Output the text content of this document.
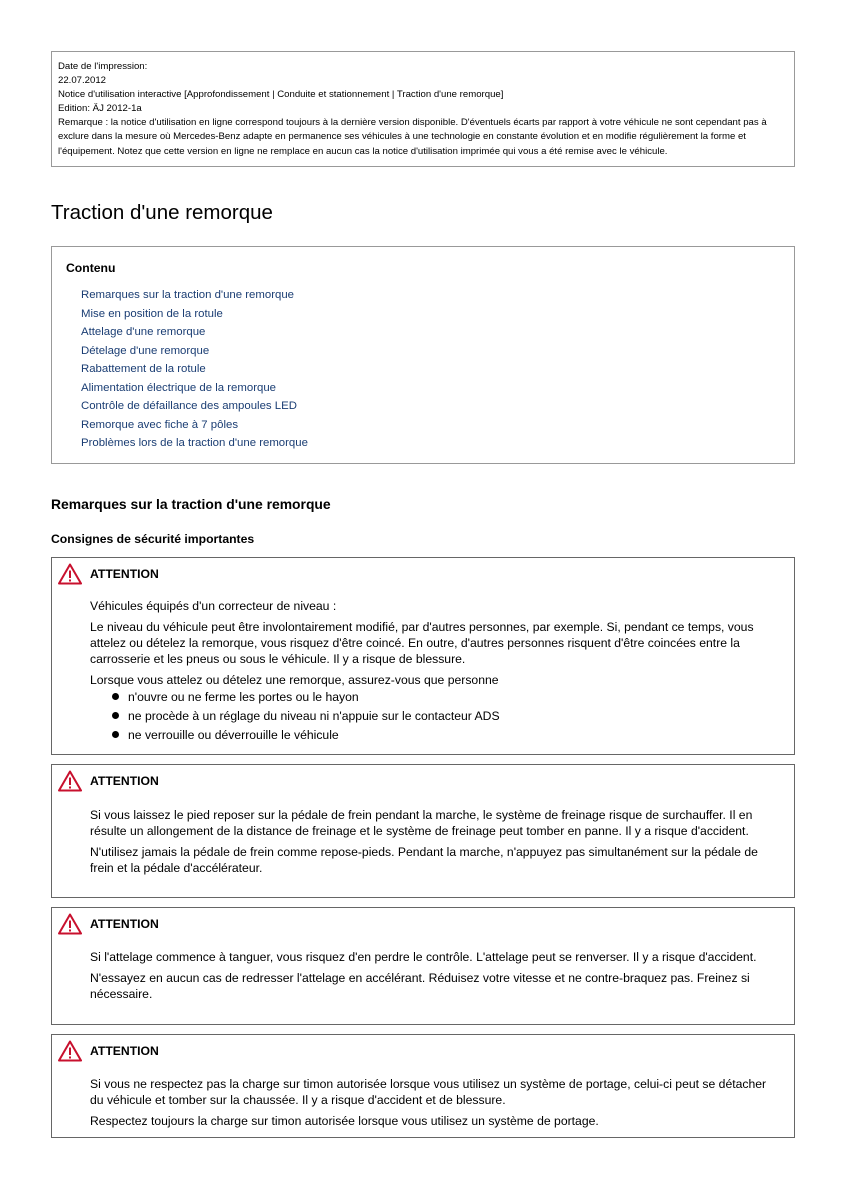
Date de l'impression:
22.07.2012
Notice d'utilisation interactive [Approfondissement | Conduite et stationnement | Traction d'une remorque]
Edition: ÄJ 2012-1a
Remarque : la notice d'utilisation en ligne correspond toujours à la dernière version disponible. D'éventuels écarts par rapport à votre véhicule ne sont cependant pas à exclure dans la mesure où Mercedes-Benz adapte en permanence ses véhicules à une technologie en constante évolution et en modifie régulièrement la forme et l'équipement. Notez que cette version en ligne ne remplace en aucun cas la notice d'utilisation imprimée qui vous a été remise avec le véhicule.
Traction d'une remorque
Contenu
Remarques sur la traction d'une remorque
Mise en position de la rotule
Attelage d'une remorque
Dételage d'une remorque
Rabattement de la rotule
Alimentation électrique de la remorque
Contrôle de défaillance des ampoules LED
Remorque avec fiche à 7 pôles
Problèmes lors de la traction d'une remorque
Remarques sur la traction d'une remorque
Consignes de sécurité importantes
ATTENTION

Véhicules équipés d'un correcteur de niveau :

Le niveau du véhicule peut être involontairement modifié, par d'autres personnes, par exemple. Si, pendant ce temps, vous attelez ou dételez la remorque, vous risquez d'être coincé. En outre, d'autres personnes risquent d'être coincées entre la carrosserie et les pneus ou sous le véhicule. Il y a risque de blessure.

Lorsque vous attelez ou dételez une remorque, assurez-vous que personne

n'ouvre ou ne ferme les portes ou le hayon
ne procède à un réglage du niveau ni n'appuie sur le contacteur ADS
ne verrouille ou déverrouille le véhicule
ATTENTION

Si vous laissez le pied reposer sur la pédale de frein pendant la marche, le système de freinage risque de surchauffer. Il en résulte un allongement de la distance de freinage et le système de freinage peut tomber en panne. Il y a risque d'accident.

N'utilisez jamais la pédale de frein comme repose-pieds. Pendant la marche, n'appuyez pas simultanément sur la pédale de frein et la pédale d'accélérateur.

ATTENTION

Si l'attelage commence à tanguer, vous risquez d'en perdre le contrôle. L'attelage peut se renverser. Il y a risque d'accident.

N'essayez en aucun cas de redresser l'attelage en accélérant. Réduisez votre vitesse et ne contre-braquez pas. Freinez si nécessaire.

ATTENTION

Si vous ne respectez pas la charge sur timon autorisée lorsque vous utilisez un système de portage, celui-ci peut se détacher du véhicule et tomber sur la chaussée. Il y a risque d'accident et de blessure.

Respectez toujours la charge sur timon autorisée lorsque vous utilisez un système de portage.
